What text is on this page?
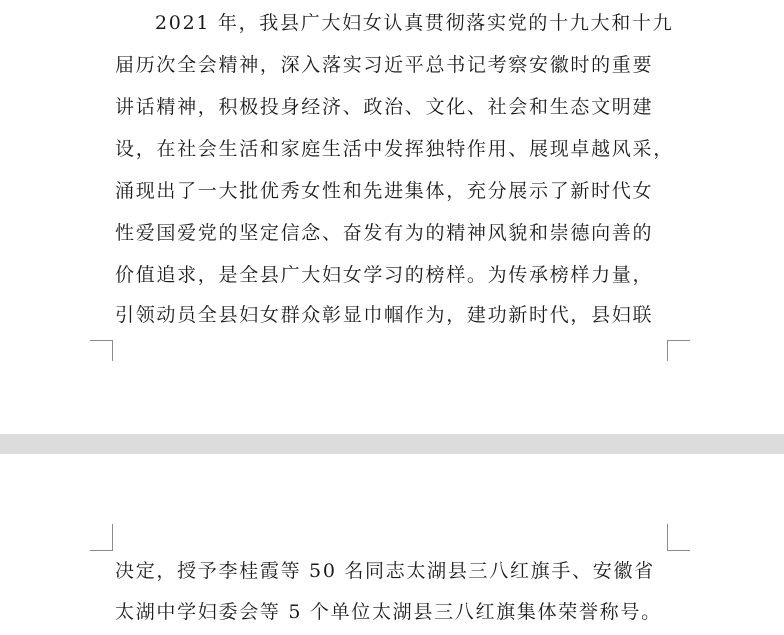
2021 年，我县广大妇女认真贯彻落实党的十九大和十九
届历次全会精神，深入落实习近平总书记考察安徽时的重要
讲话精神，积极投身经济、政治、文化、社会和生态文明建
设，在社会生活和家庭生活中发挥独特作用、展现卓越风采，
涌现出了一大批优秀女性和先进集体，充分展示了新时代女
性爱国爱党的坚定信念、奋发有为的精神风貌和崇德向善的
价值追求，是全县广大妇女学习的榜样。为传承榜样力量，
引领动员全县妇女群众彰显巾帼作为，建功新时代，县妇联
决定，授予李桂霞等 50 名同志太湖县三八红旗手、安徽省
太湖中学妇委会等 5 个单位太湖县三八红旗集体荣誉称号。
